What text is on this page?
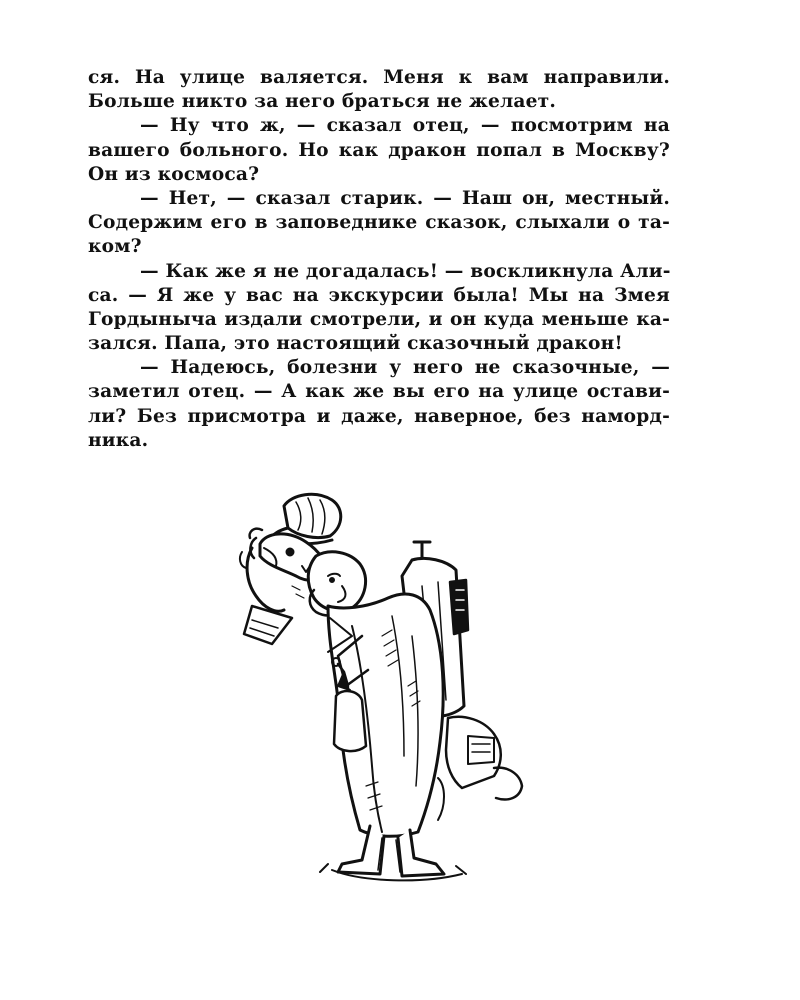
ся. На улице валяется. Меня к вам направили.
Больше никто за него браться не желает.
— Ну что ж, — сказал отец, — посмотрим на
вашего больного. Но как дракон попал в Москву?
Он из космоса?
— Нет, — сказал старик. — Наш он, местный.
Содержим его в заповеднике сказок, слыхали о та-
ком?
— Как же я не догадалась! — воскликнула Али-
са. — Я же у вас на экскурсии была! Мы на Змея
Гордыныча издали смотрели, и он куда меньше ка-
зался. Папа, это настоящий сказочный дракон!
— Надеюсь, болезни у него не сказочные, —
заметил отец. — А как же вы его на улице остави-
ли? Без присмотра и даже, наверное, без наморд-
ника.
